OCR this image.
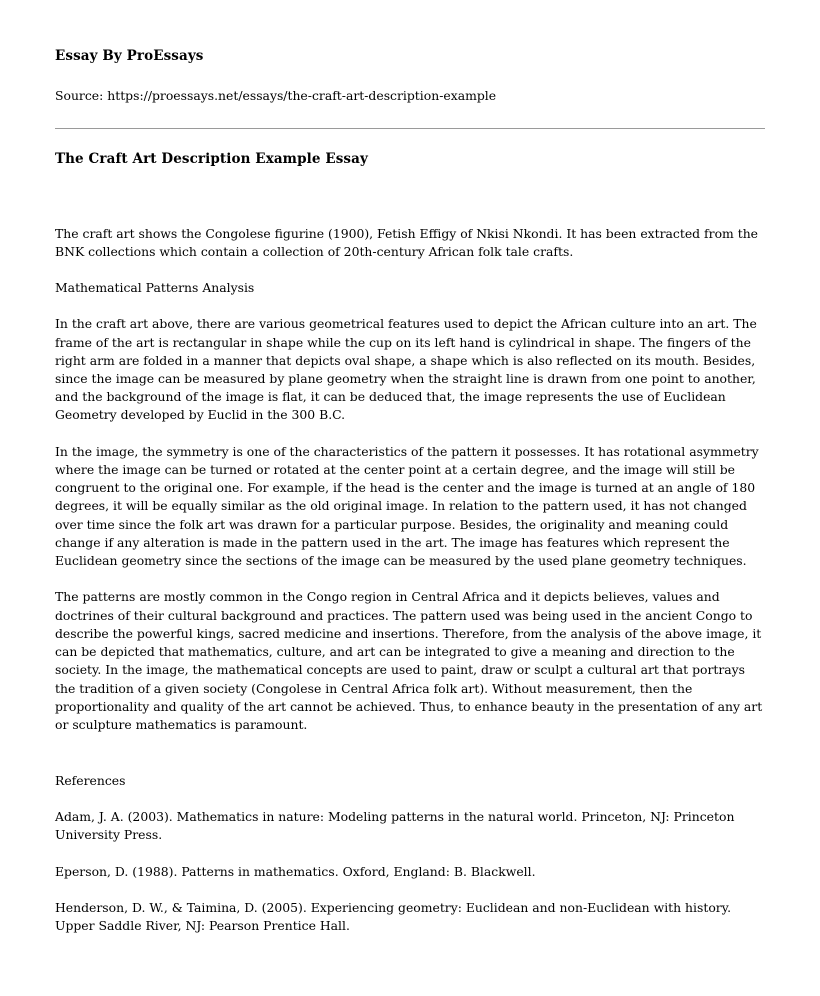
Essay By ProEssays
Source: https://proessays.net/essays/the-craft-art-description-example
The Craft Art Description Example Essay

The craft art shows the Congolese figurine (1900), Fetish Effigy of Nkisi Nkondi. It has been extracted from the BNK collections which contain a collection of 20th-century African folk tale crafts.

Mathematical Patterns Analysis

In the craft art above, there are various geometrical features used to depict the African culture into an art. The frame of the art is rectangular in shape while the cup on its left hand is cylindrical in shape. The fingers of the right arm are folded in a manner that depicts oval shape, a shape which is also reflected on its mouth. Besides, since the image can be measured by plane geometry when the straight line is drawn from one point to another, and the background of the image is flat, it can be deduced that, the image represents the use of Euclidean Geometry developed by Euclid in the 300 B.C.

In the image, the symmetry is one of the characteristics of the pattern it possesses. It has rotational asymmetry where the image can be turned or rotated at the center point at a certain degree, and the image will still be congruent to the original one. For example, if the head is the center and the image is turned at an angle of 180 degrees, it will be equally similar as the old original image. In relation to the pattern used, it has not changed over time since the folk art was drawn for a particular purpose. Besides, the originality and meaning could change if any alteration is made in the pattern used in the art. The image has features which represent the Euclidean geometry since the sections of the image can be measured by the used plane geometry techniques.

The patterns are mostly common in the Congo region in Central Africa and it depicts believes, values and doctrines of their cultural background and practices. The pattern used was being used in the ancient Congo to describe the powerful kings, sacred medicine and insertions. Therefore, from the analysis of the above image, it can be depicted that mathematics, culture, and art can be integrated to give a meaning and direction to the society. In the image, the mathematical concepts are used to paint, draw or sculpt a cultural art that portrays the tradition of a given society (Congolese in Central Africa folk art). Without measurement, then the proportionality and quality of the art cannot be achieved. Thus, to enhance beauty in the presentation of any art or sculpture mathematics is paramount.

References

Adam, J. A. (2003). Mathematics in nature: Modeling patterns in the natural world. Princeton, NJ: Princeton University Press.

Eperson, D. (1988). Patterns in mathematics. Oxford, England: B. Blackwell.

Henderson, D. W., & Taimina, D. (2005). Experiencing geometry: Euclidean and non-Euclidean with history. Upper Saddle River, NJ: Pearson Prentice Hall.
